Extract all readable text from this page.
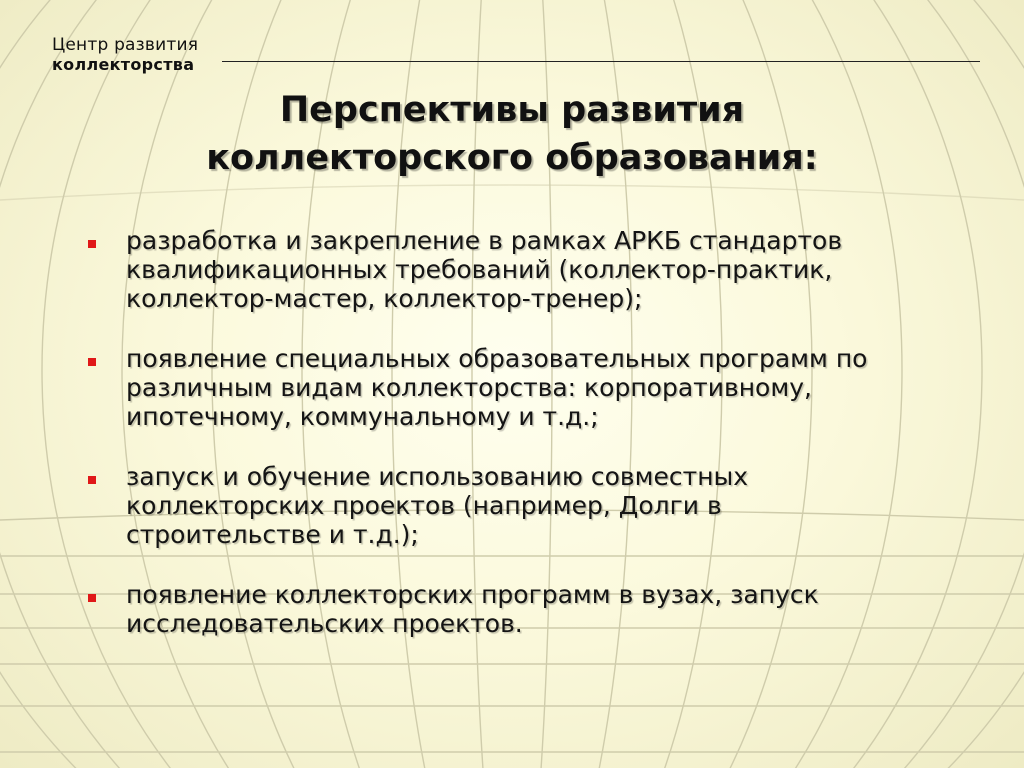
Центр развития
коллекторства
Перспективы развития
коллекторского образования:
разработка и закрепление в рамках АРКБ стандартов
квалификационных требований (коллектор-практик,
коллектор-мастер, коллектор-тренер);
появление специальных образовательных программ по
различным видам коллекторства: корпоративному,
ипотечному, коммунальному и т.д.;
запуск и обучение использованию совместных
коллекторских проектов (например, Долги в
строительстве и т.д.);
появление коллекторских программ в вузах, запуск
исследовательских проектов.
